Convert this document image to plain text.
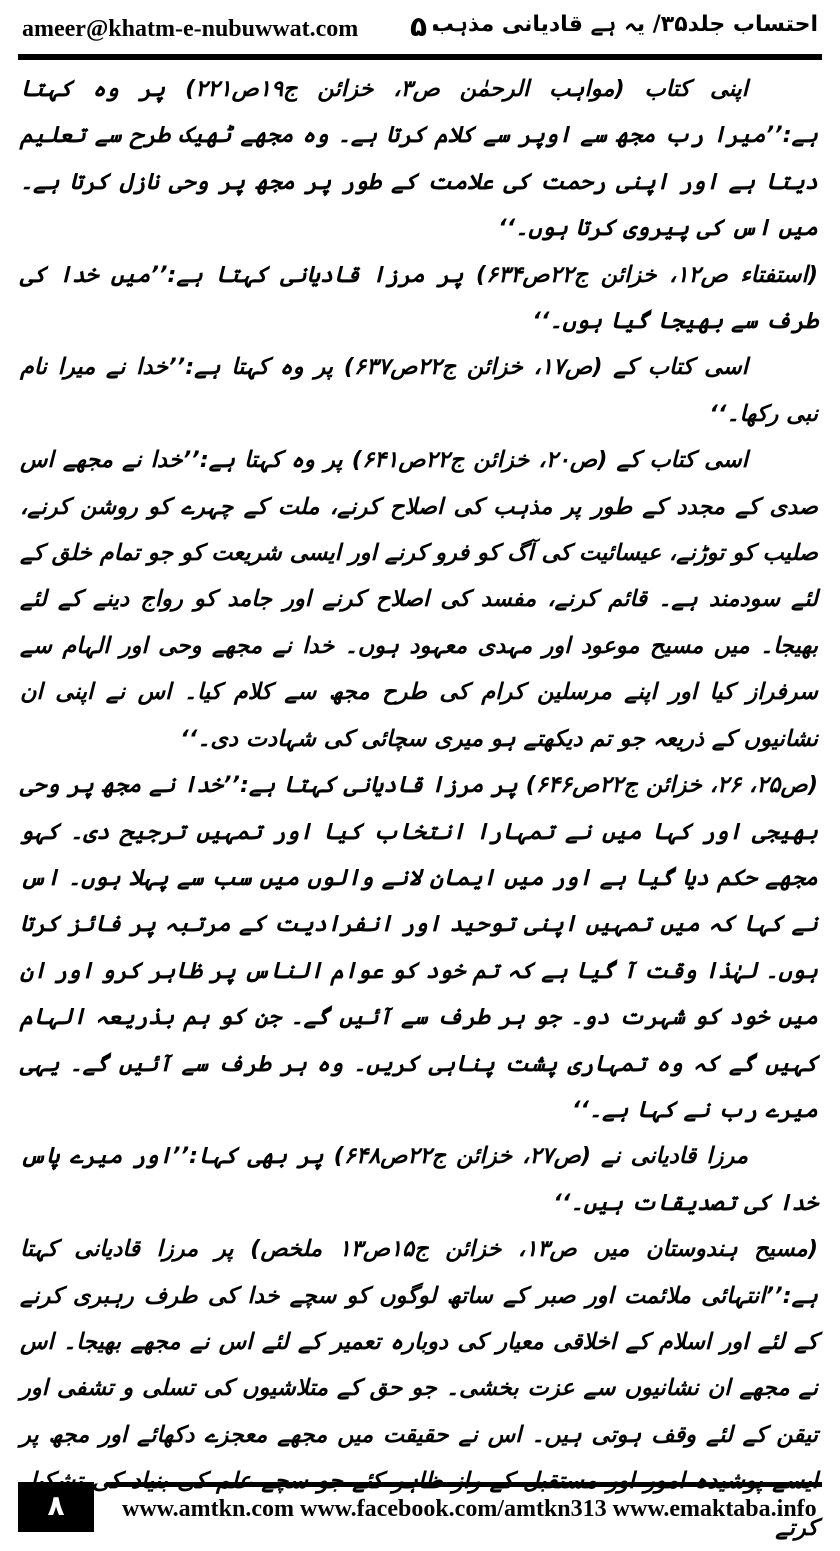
ameer@khatm-e-nubuwwat.com ۵۰
احتساب جلد۳۵/ یہ ہے قادیانی مذہب

اپنی کتاب (مواہب الرحمٰن ص۳، خزائن ج۱۹ص۲۲۱) پر وہ کہتا ہے:’’میرا رب مجھ سے اوپر سے کلام کرتا ہے۔ وہ مجھے ٹھیک طرح سے تعلیم دیتا ہے اور اپنی رحمت کی علامت کے طور پر مجھ پر وحی نازل کرتا ہے۔ میں اس کی پیروی کرتا ہوں۔‘‘

(استفتاء ص۱۲، خزائن ج۲۲ص۶۳۴) پر مرزا قادیانی کہتا ہے:’’میں خدا کی طرف سے بھیجا گیا ہوں۔‘‘

اسی کتاب کے (ص۱۷، خزائن ج۲۲ص۶۳۷) پر وہ کہتا ہے:’’خدا نے میرا نام نبی رکھا۔‘‘

اسی کتاب کے (ص۲۰، خزائن ج۲۲ص۶۴۱) پر وہ کہتا ہے:’’خدا نے مجھے اس صدی کے مجدد کے طور پر مذہب کی اصلاح کرنے، ملت کے چہرے کو روشن کرنے، صلیب کو توڑنے، عیسائیت کی آگ کو فرو کرنے اور ایسی شریعت کو جو تمام خلق کے لئے سودمند ہے۔ قائم کرنے، مفسد کی اصلاح کرنے اور جامد کو رواج دینے کے لئے بھیجا۔ میں مسیح موعود اور مہدی معہود ہوں۔ خدا نے مجھے وحی اور الہام سے سرفراز کیا اور اپنے مرسلین کرام کی طرح مجھ سے کلام کیا۔ اس نے اپنی ان نشانیوں کے ذریعہ جو تم دیکھتے ہو میری سچائی کی شہادت دی۔‘‘

(ص۲۵، ۲۶، خزائن ج۲۲ص۶۴۶) پر مرزا قادیانی کہتا ہے:’’خدا نے مجھ پر وحی بھیجی اور کہا میں نے تمہارا انتخاب کیا اور تمہیں ترجیح دی۔ کہو مجھے حکم دیا گیا ہے اور میں ایمان لانے والوں میں سب سے پہلا ہوں۔ اس نے کہا کہ میں تمہیں اپنی توحید اور انفرادیت کے مرتبہ پر فائز کرتا ہوں۔ لہٰذا وقت آ گیا ہے کہ تم خود کو عوام الناس پر ظاہر کرو اور ان میں خود کو شہرت دو۔ جو ہر طرف سے آئیں گے۔ جن کو ہم بذریعہ الہام کہیں گے کہ وہ تمہاری پشت پناہی کریں۔ وہ ہر طرف سے آئیں گے۔ یہی میرے رب نے کہا ہے۔‘‘

مرزا قادیانی نے (ص۲۷، خزائن ج۲۲ص۶۴۸) پر بھی کہا:’’اور میرے پاس خدا کی تصدیقات ہیں۔‘‘

(مسیح ہندوستان میں ص۱۳، خزائن ج۱۵ص۱۳ ملخص) پر مرزا قادیانی کہتا ہے:’’انتہائی ملائمت اور صبر کے ساتھ لوگوں کو سچے خدا کی طرف رہبری کرنے کے لئے اور اسلام کے اخلاقی معیار کی دوبارہ تعمیر کے لئے اس نے مجھے بھیجا۔ اس نے مجھے ان نشانیوں سے عزت بخشی۔ جو حق کے متلاشیوں کی تسلی و تشفی اور تیقن کے لئے وقف ہوتی ہیں۔ اس نے حقیقت میں مجھے معجزے دکھائے اور مجھ پر کرتے

۸	www.amtkn.com www.facebook.com/amtkn313 www.emaktaba.info
